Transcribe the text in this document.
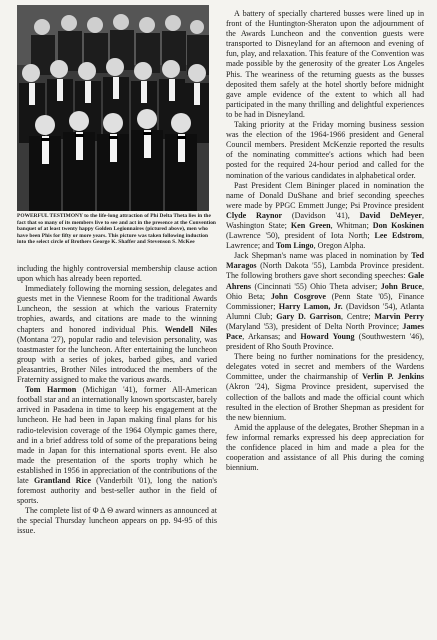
POWERFUL TESTIMONY to the life-long attraction of Phi Delta Theta lies in the fact that so many of its members live to see and act in the presence at the Convention banquet of at least twenty happy Golden Legionnaires (pictured above), men who have been Phis for fifty or more years. This picture was taken following induction into the select circle of Brothers George K. Shaffer and Stevenson S. McKee

including the highly controversial membership clause action upon which has already been reported.

Immediately following the morning session, delegates and guests met in the Viennese Room for the traditional Awards Luncheon, the session at which the various Fraternity trophies, awards, and citations are made to the winning chapters and honored individual Phis. Wendell Niles (Montana '27), popular radio and television personality, was toastmaster for the luncheon. After entertaining the luncheon group with a series of jokes, barbed gibes, and varied pleasantries, Brother Niles introduced the members of the Fraternity assigned to make the various awards.

Tom Harmon (Michigan '41), former All-American football star and an internationally known sportscaster, barely arrived in Pasadena in time to keep his engagement at the luncheon. He had been in Japan making final plans for his radio-television coverage of the 1964 Olympic games there, and in a brief address told of some of the preparations being made in Japan for this international sports event. He also made the presentation of the sports trophy which he established in 1956 in appreciation of the contributions of the late Grantland Rice (Vanderbilt '01), long the nation's foremost authority and best-seller author in the field of sports.

The complete list of Φ Δ Θ award winners as announced at the special Thursday luncheon appears on pp. 94-95 of this issue.

A battery of specially chartered busses were lined up in front of the Huntington-Sheraton upon the adjournment of the Awards Luncheon and the convention guests were transported to Disneyland for an afternoon and evening of fun, play, and relaxation. This feature of the Convention was made possible by the generosity of the greater Los Angeles Phis. The weariness of the returning guests as the busses deposited them safely at the hotel shortly before midnight gave ample evidence of the extent to which all had participated in the many thrilling and delightful experiences to be had in Disneyland.

Taking priority at the Friday morning business session was the election of the 1964-1966 president and General Council members. President McKenzie reported the results of the nominating committee's actions which had been posted for the required 24-hour period and called for the nomination of the various candidates in alphabetical order.

Past President Clem Bininger placed in nomination the name of Donald DuShane and brief seconding speeches were made by PPGC Emmett Junge; Psi Province president Clyde Raynor (Davidson '41), David DeMeyer, Washington State; Ken Green, Whitman; Don Koskinen (Lawrence '50), president of Iota North; Lee Edstrom, Lawrence; and Tom Lingo, Oregon Alpha.

Jack Shepman's name was placed in nomination by Ted Maragos (North Dakota '55), Lambda Province president. The following brothers gave short seconding speeches: Gale Ahrens (Cincinnati '55) Ohio Theta adviser; John Bruce, Ohio Beta; John Cosgrove (Penn State '05), Finance Commissioner; Harry Lamon, Jr. (Davidson '54), Atlanta Alumni Club; Gary D. Garrison, Centre; Marvin Perry (Maryland '53), president of Delta North Province; James Pace, Arkansas; and Howard Young (Southwestern '46), president of Rho South Province.

There being no further nominations for the presidency, delegates voted in secret and members of the Wardens Committee, under the chairmanship of Verlin P. Jenkins (Akron '24), Sigma Province president, supervised the collection of the ballots and made the official count which resulted in the election of Brother Shepman as president for the new biennium.

Amid the applause of the delegates, Brother Shepman in a few informal remarks expressed his deep appreciation for the confidence placed in him and made a plea for the cooperation and assistance of all Phis during the coming biennium.
